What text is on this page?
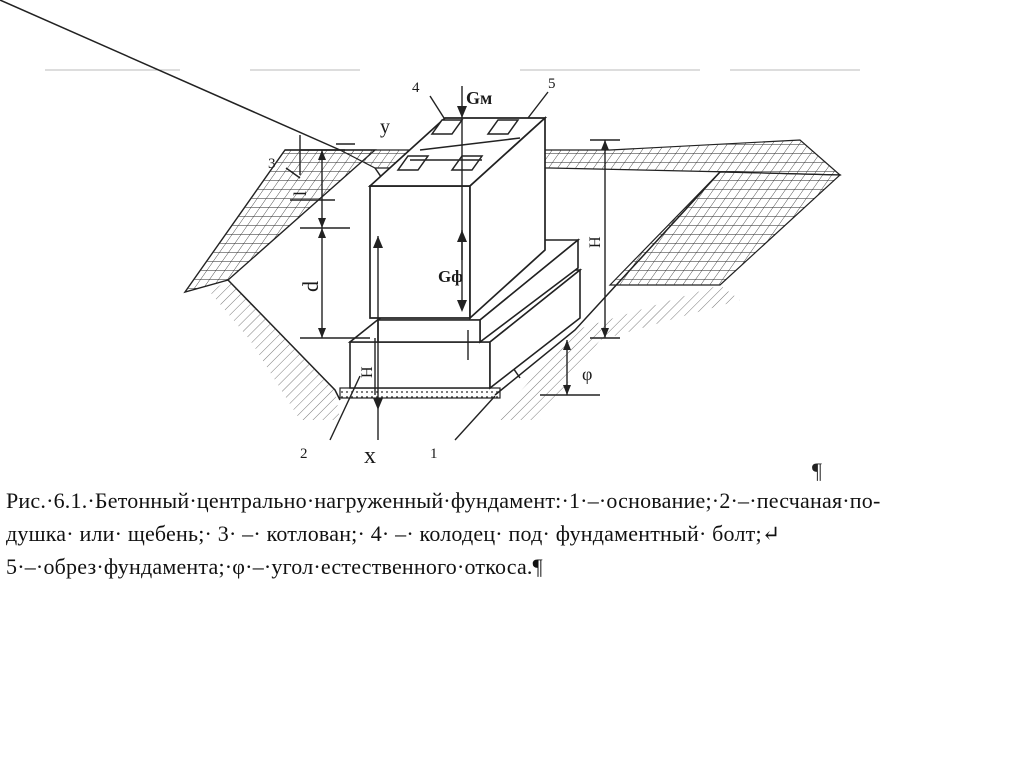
5
4	Gм
y
3
l
d
H
H
Gф
φ
2 x	1
¶
Рис.·6.1.·Бетонный·центрально·нагруженный·фундамент:·1·–·основание;·2·–·песчаная·по-
душка· или· щебень;· 3· –· котлован;· 4· –· колодец· под· фундаментный· болт;↵
5·–·обрез·фундамента;·φ·–·угол·естественного·откоса.¶
